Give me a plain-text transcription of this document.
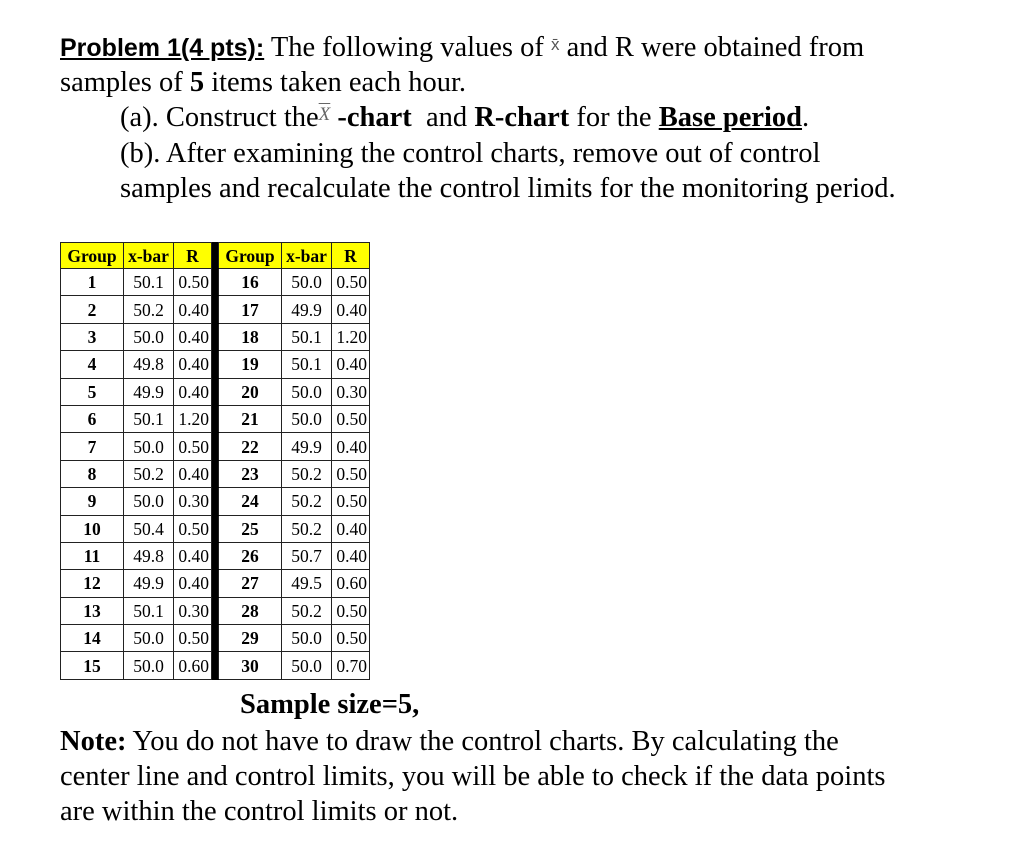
Problem 1(4 pts): The following values of $^{x̄}$ and R were obtained from
samples of 5 items taken each hour.
(a). Construct the$^{\overline{X}}$ -chart and R-chart for the Base period.
(b). After examining the control charts, remove out of control
samples and recalculate the control limits for the monitoring period.
Group	x-bar	R		Group	x-bar	R
1	50.1	0.50		16	50.0	0.50
2	50.2	0.40		17	49.9	0.40
3	50.0	0.40		18	50.1	1.20
4	49.8	0.40		19	50.1	0.40
5	49.9	0.40		20	50.0	0.30
6	50.1	1.20		21	50.0	0.50
7	50.0	0.50		22	49.9	0.40
8	50.2	0.40		23	50.2	0.50
9	50.0	0.30		24	50.2	0.50
10	50.4	0.50		25	50.2	0.40
11	49.8	0.40		26	50.7	0.40
12	49.9	0.40		27	49.5	0.60
13	50.1	0.30		28	50.2	0.50
14	50.0	0.50		29	50.0	0.50
15	50.0	0.60		30	50.0	0.70
Sample size=5,
Note: You do not have to draw the control charts. By calculating the
center line and control limits, you will be able to check if the data points
are within the control limits or not.
